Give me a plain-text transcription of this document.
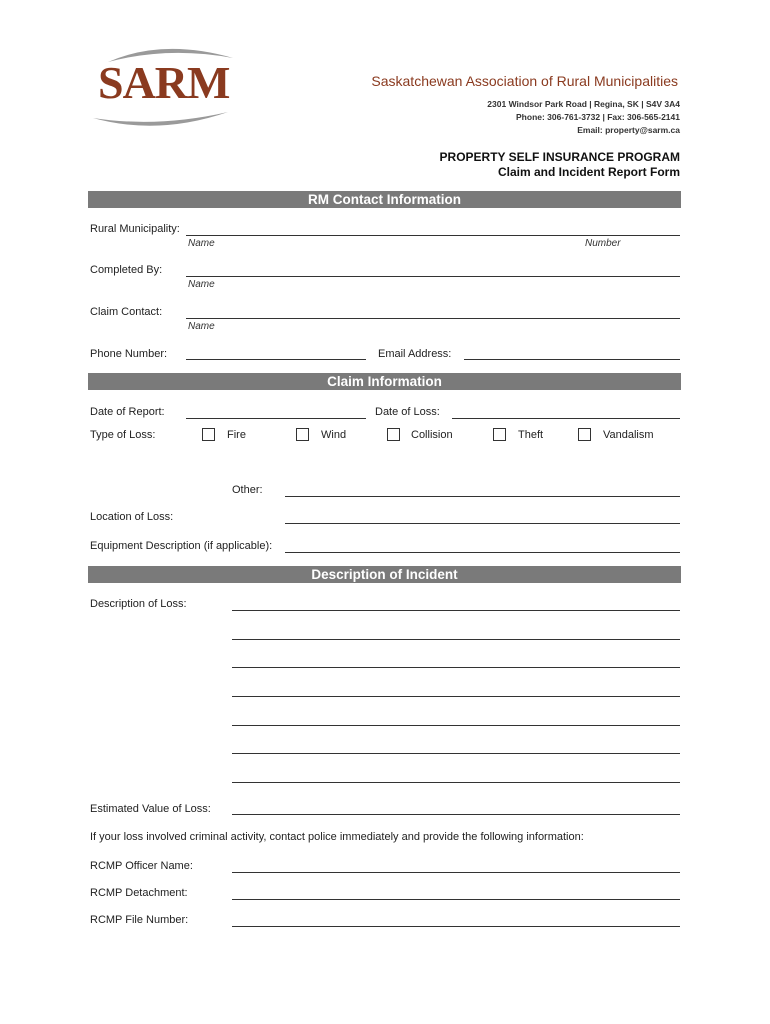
SARM	Saskatchewan Association of Rural Municipalities
2301 Windsor Park Road | Regina, SK | S4V 3A4
Phone: 306-761-3732 | Fax: 306-565-2141
Email: property@sarm.ca
PROPERTY SELF INSURANCE PROGRAM
Claim and Incident Report Form
RM Contact Information
Rural Municipality:
Name	Number
Completed By:
Name
Claim Contact:
Name
Phone Number:	Email Address:
Claim Information
Date of Report:	Date of Loss:
Type of Loss:	Fire	Wind	Collision	Theft	Vandalism
Other:
Location of Loss:
Equipment Description (if applicable):
Description of Incident
Description of Loss:
Estimated Value of Loss:
If your loss involved criminal activity, contact police immediately and provide the following information:
RCMP Officer Name:
RCMP Detachment:
RCMP File Number:
